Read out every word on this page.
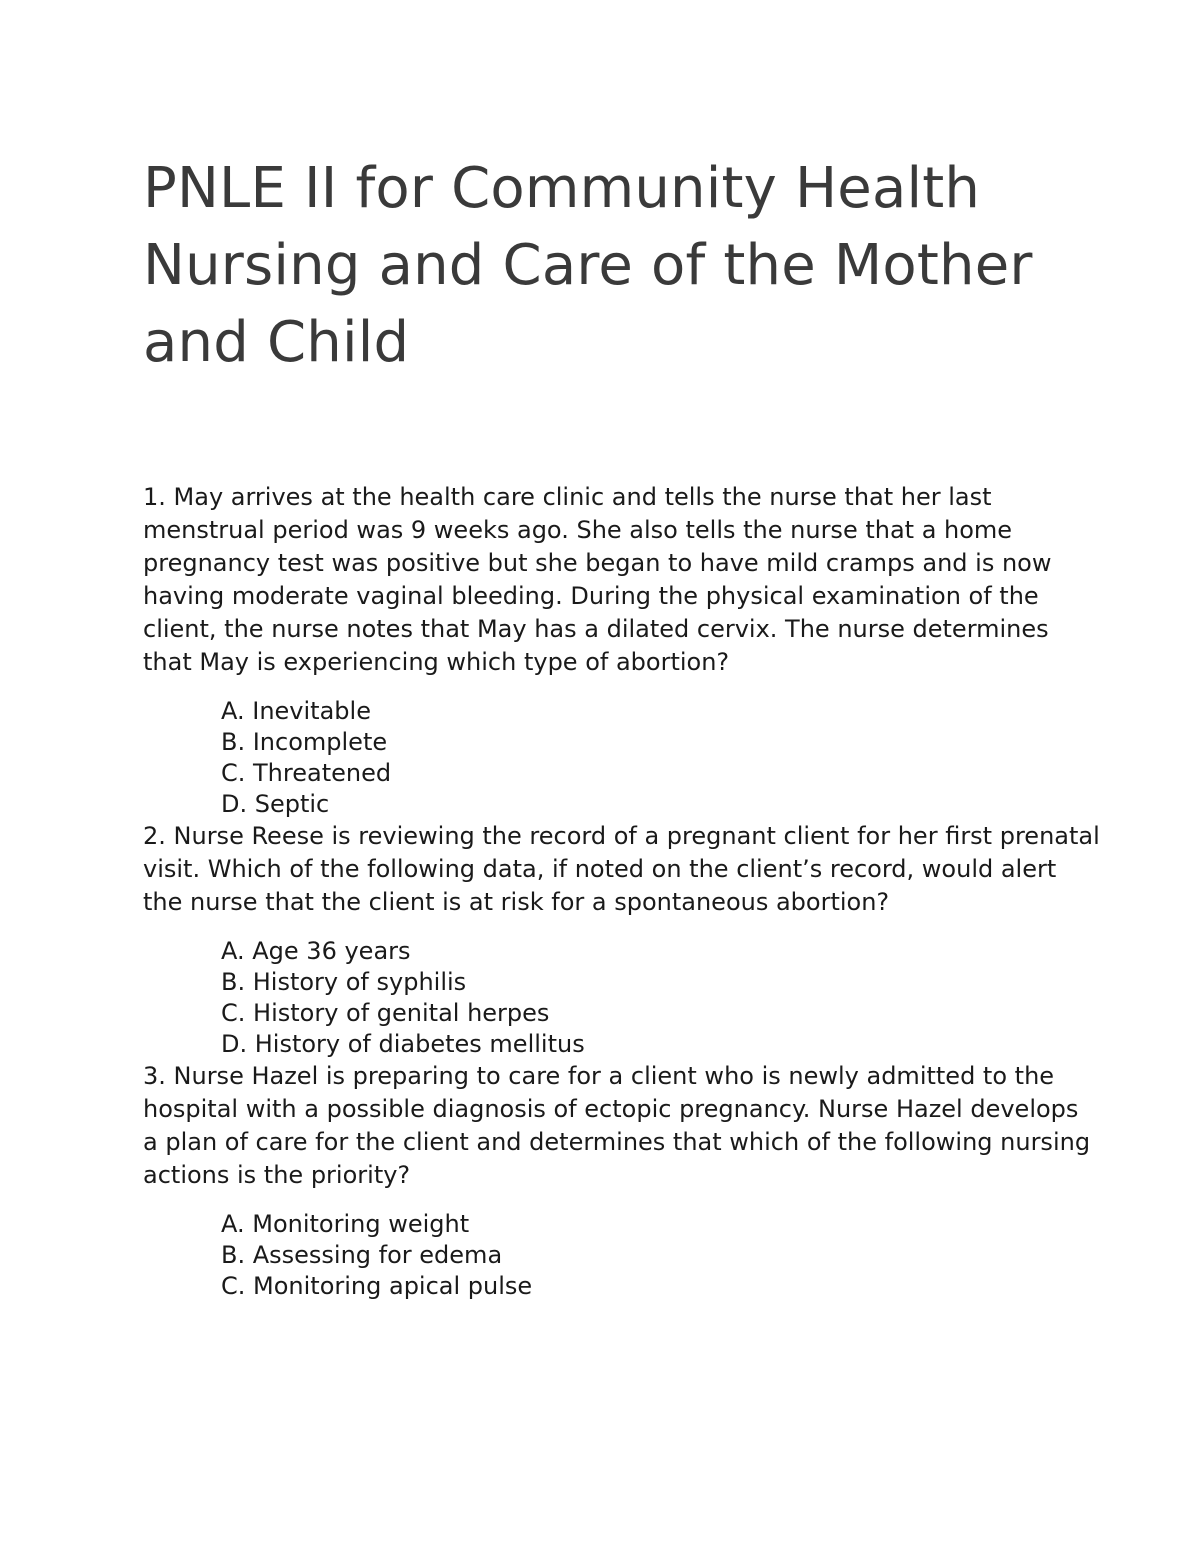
PNLE II for Community Health Nursing and Care of the Mother and Child

1. May arrives at the health care clinic and tells the nurse that her last menstrual period was 9 weeks ago. She also tells the nurse that a home pregnancy test was positive but she began to have mild cramps and is now having moderate vaginal bleeding. During the physical examination of the client, the nurse notes that May has a dilated cervix. The nurse determines that May is experiencing which type of abortion?

A. Inevitable
B. Incomplete
C. Threatened
D. Septic

2. Nurse Reese is reviewing the record of a pregnant client for her first prenatal visit. Which of the following data, if noted on the client’s record, would alert the nurse that the client is at risk for a spontaneous abortion?

A. Age 36 years
B. History of syphilis
C. History of genital herpes
D. History of diabetes mellitus

3. Nurse Hazel is preparing to care for a client who is newly admitted to the hospital with a possible diagnosis of ectopic pregnancy. Nurse Hazel develops a plan of care for the client and determines that which of the following nursing actions is the priority?

A. Monitoring weight
B. Assessing for edema
C. Monitoring apical pulse
